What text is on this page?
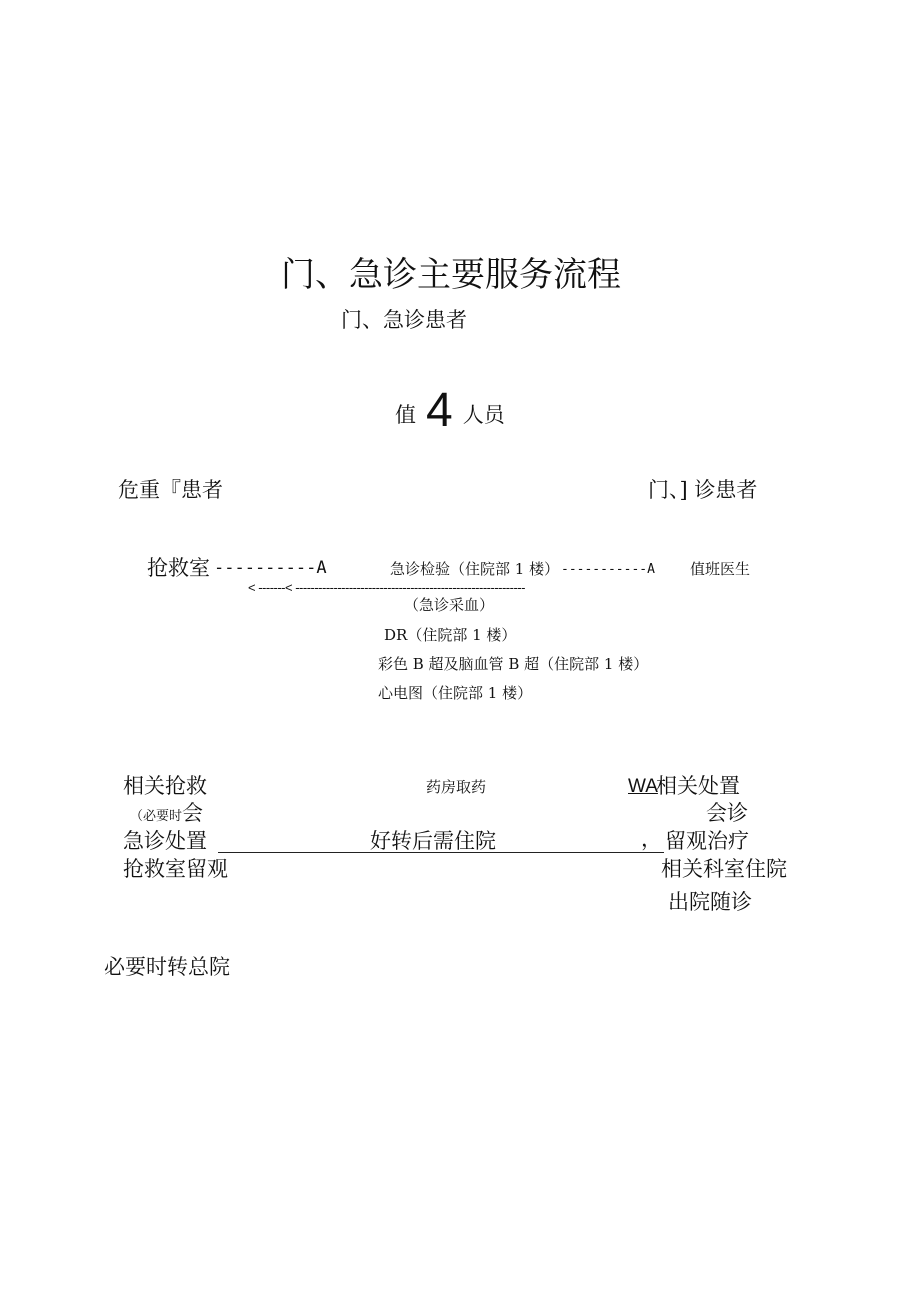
门、急诊主要服务流程
门、急诊患者
值 4 人员
危重『患者	门、] 诊患者
抢救室 ----------A	急诊检验（住院部 1 楼） -----------A 值班医生
< -------< ------------------------------------------------------------
（急诊采血）
DR（住院部 1 楼）
彩色 B 超及脑血管 B 超（住院部 1 楼）
心电图（住院部 1 楼）
相关抢救	药房取药	WA
相关处置
（必要时会	会诊
急诊处置	好转后需住院	， 留观治疗
抢救室留观	相关科室住院
出院随诊
必要时转总院
